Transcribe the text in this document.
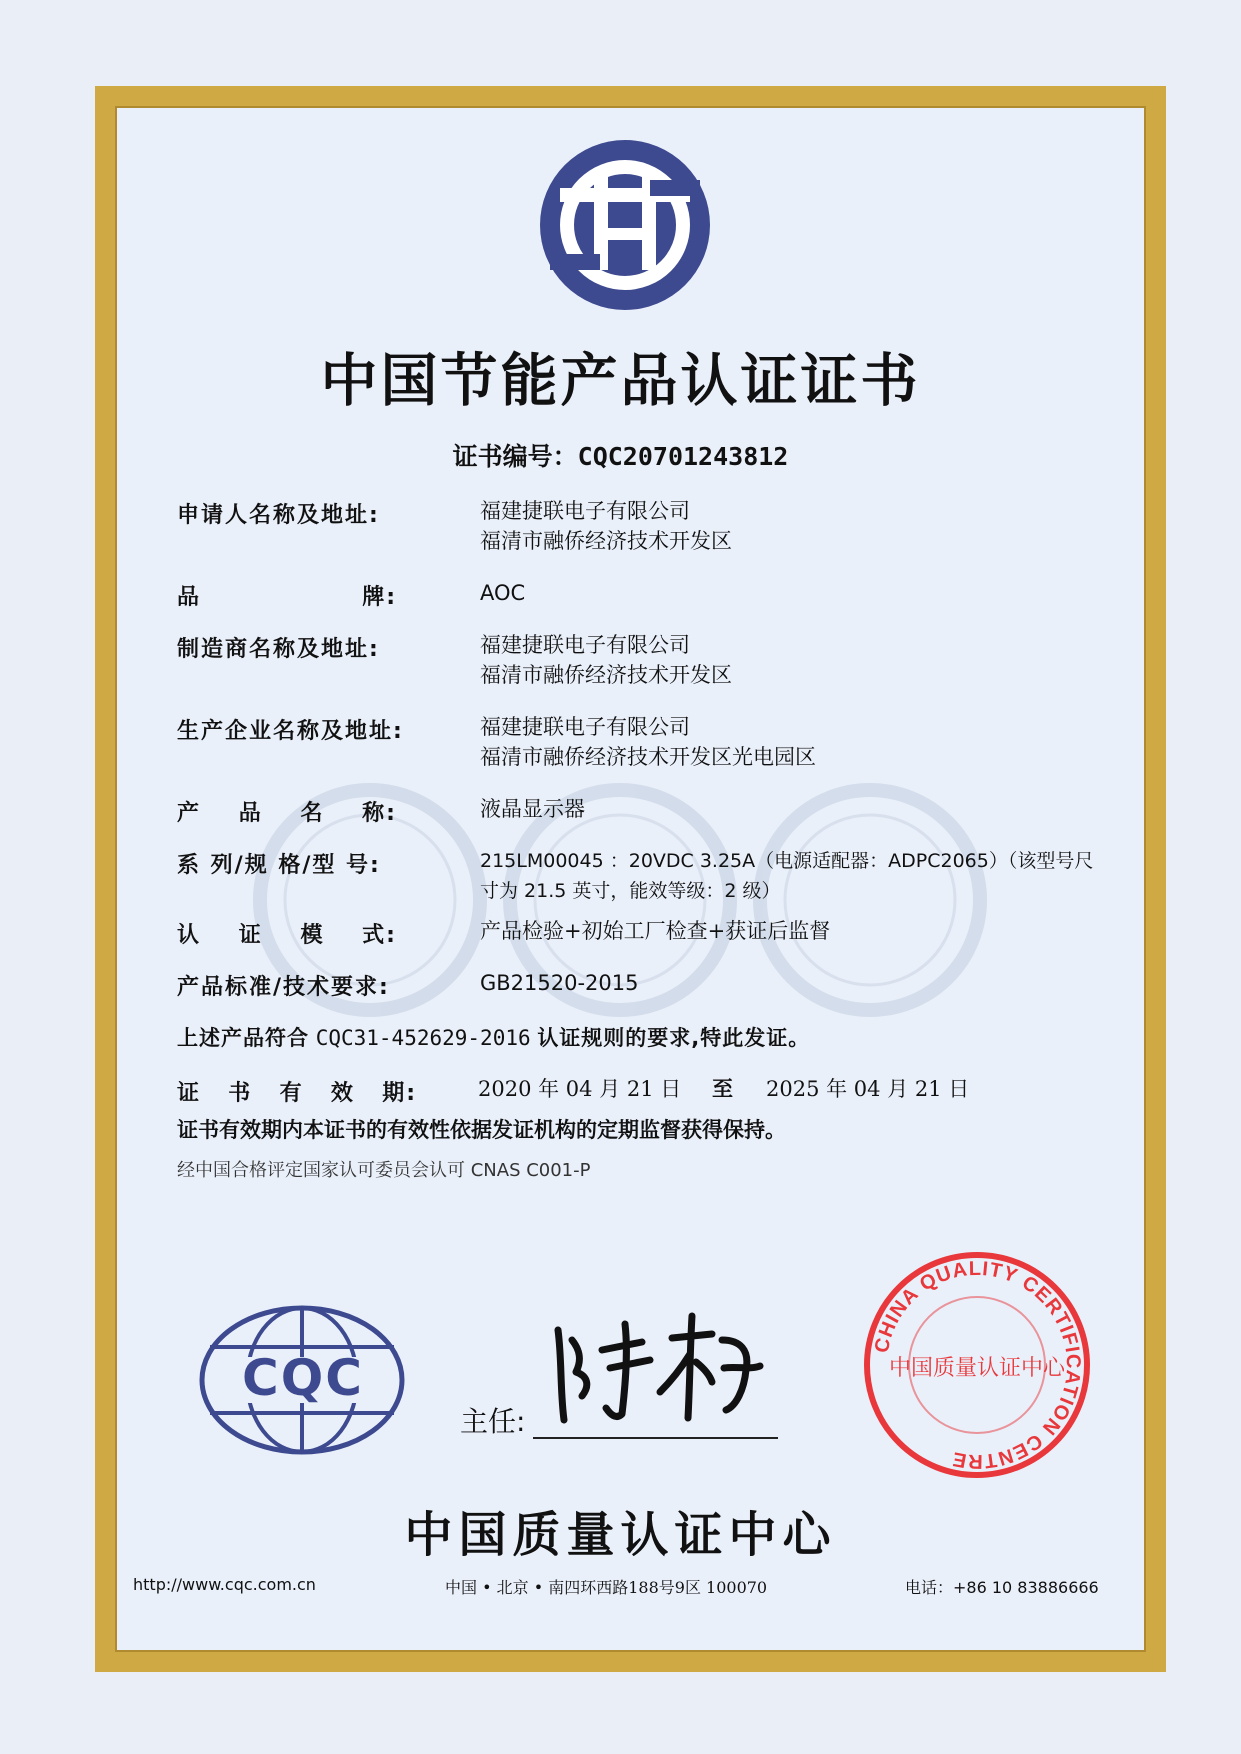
中国节能产品认证证书
证书编号：CQC20701243812
申请人名称及地址:	福建捷联电子有限公司
福清市融侨经济技术开发区
品	牌:	AOC
制造商名称及地址:	福建捷联电子有限公司
福清市融侨经济技术开发区
生产企业名称及地址:	福建捷联电子有限公司
福清市融侨经济技术开发区光电园区
产 品 名 称:	液晶显示器
系 列/规 格/型 号:	215LM00045 ：20VDC 3.25A（电源适配器：ADPC2065）（该型号尺
寸为 21.5 英寸，能效等级：2 级）
认 证 模 式:	产品检验+初始工厂检查+获证后监督
产品标准/技术要求:	GB21520-2015
上述产品符合 CQC31-452629-2016 认证规则的要求,特此发证。
证 书 有 效 期:	2020 年 04 月 21 日 至 2025 年 04 月 21 日
证书有效期内本证书的有效性依据发证机构的定期监督获得保持。
经中国合格评定国家认可委员会认可 CNAS C001-P
CQC
主任:
CHINA QUALITY CERTIFICATION CENTRE
中国质量认证中心
中国质量认证中心
http://www.cqc.com.cn	中国 • 北京 • 南四环西路188号9区 100070	电话：+86 10 83886666
